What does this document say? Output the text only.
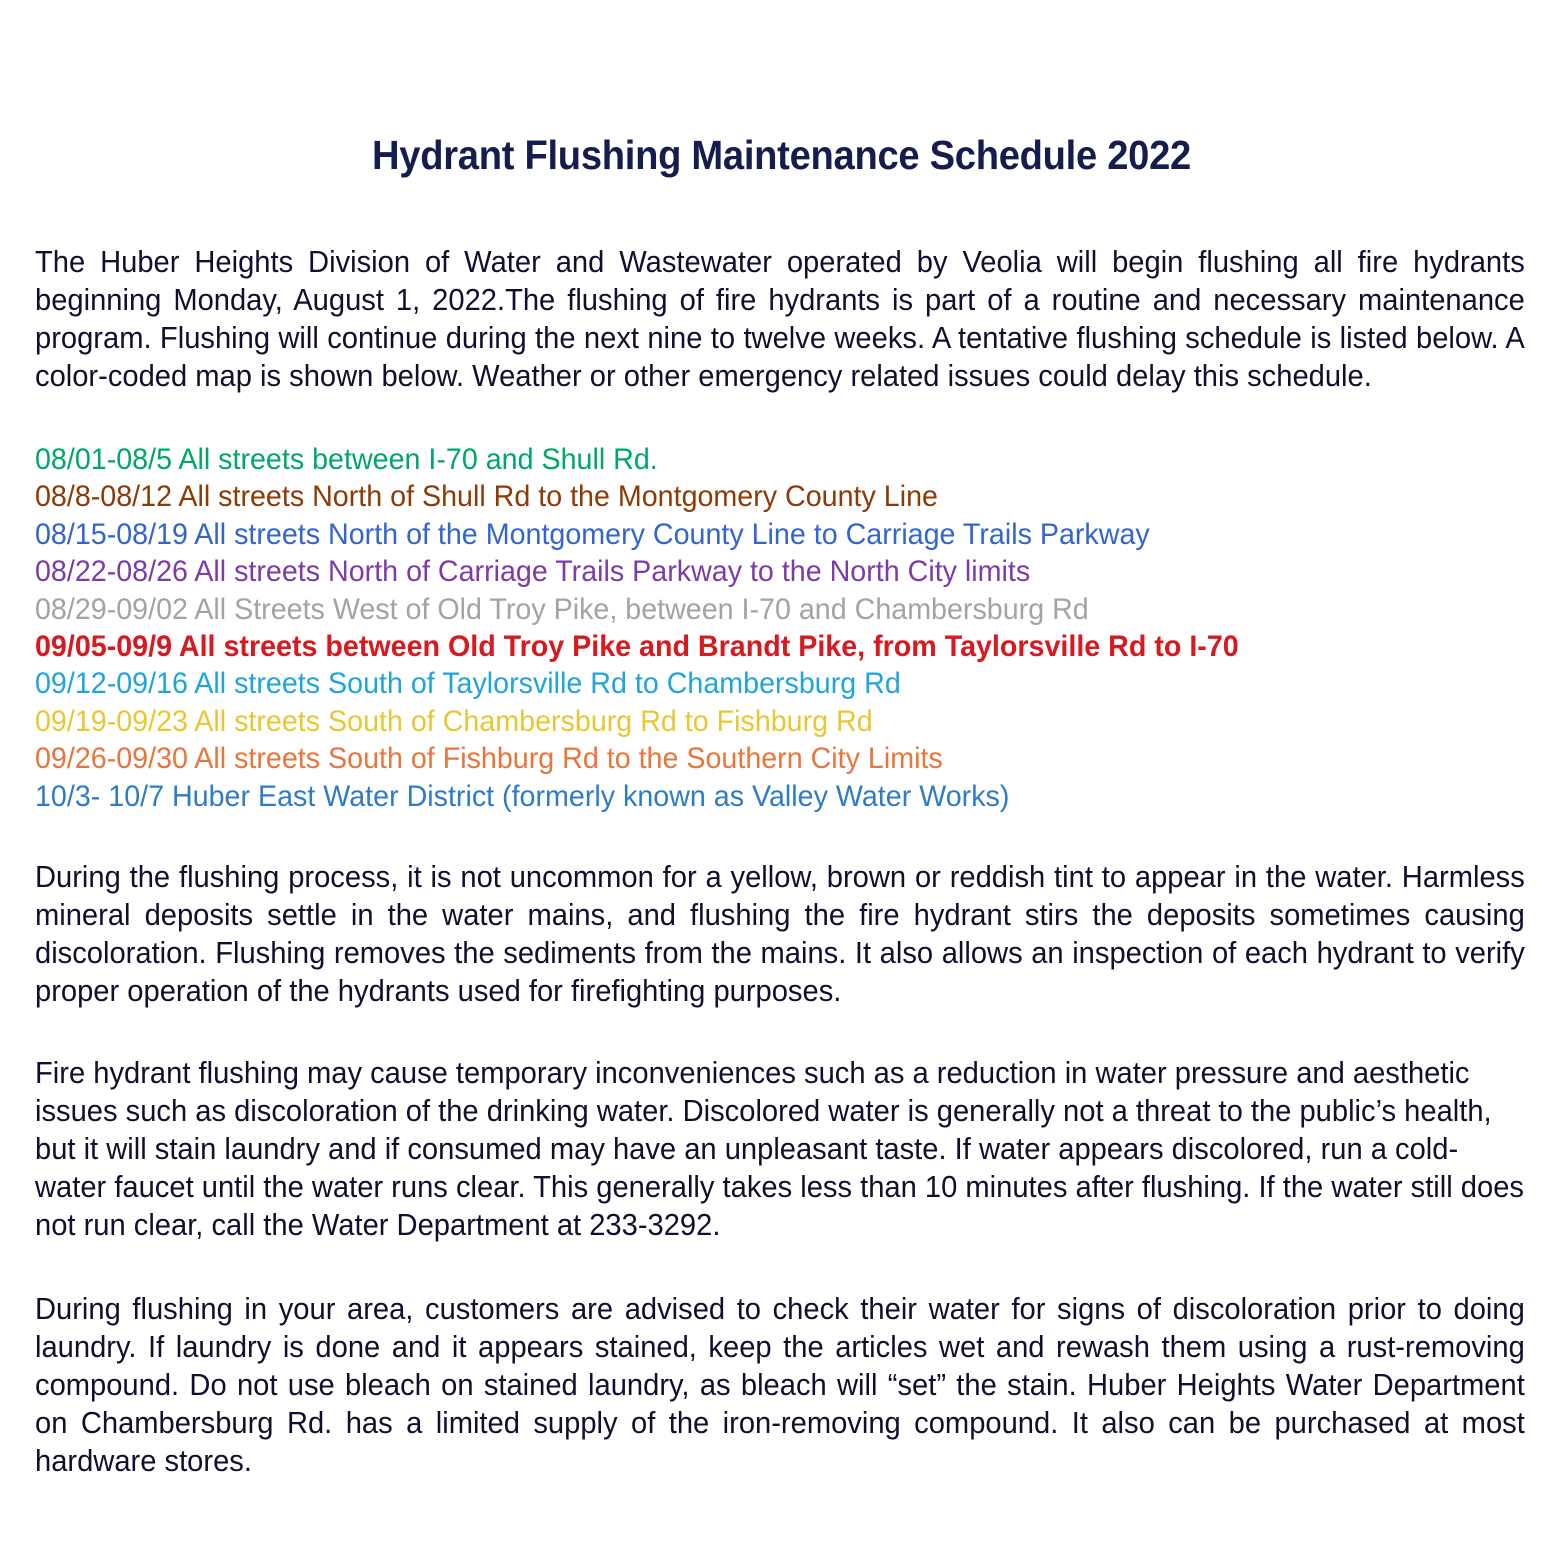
Hydrant Flushing Maintenance Schedule 2022

The Huber Heights Division of Water and Wastewater operated by Veolia will begin flushing all fire hydrants beginning Monday, August 1, 2022.The flushing of fire hydrants is part of a routine and necessary maintenance program. Flushing will continue during the next nine to twelve weeks. A tentative flushing schedule is listed below. A color-coded map is shown below. Weather or other emergency related issues could delay this schedule.

08/01-08/5 All streets between I-70 and Shull Rd.
08/8-08/12 All streets North of Shull Rd to the Montgomery County Line
08/15-08/19 All streets North of the Montgomery County Line to Carriage Trails Parkway
08/22-08/26 All streets North of Carriage Trails Parkway to the North City limits
08/29-09/02 All Streets West of Old Troy Pike, between I-70 and Chambersburg Rd
09/05-09/9 All streets between Old Troy Pike and Brandt Pike, from Taylorsville Rd to I-70
09/12-09/16 All streets South of Taylorsville Rd to Chambersburg Rd
09/19-09/23 All streets South of Chambersburg Rd to Fishburg Rd
09/26-09/30 All streets South of Fishburg Rd to the Southern City Limits
10/3- 10/7 Huber East Water District (formerly known as Valley Water Works)

During the flushing process, it is not uncommon for a yellow, brown or reddish tint to appear in the water. Harmless mineral deposits settle in the water mains, and flushing the fire hydrant stirs the deposits sometimes causing discoloration. Flushing removes the sediments from the mains. It also allows an inspection of each hydrant to verify proper operation of the hydrants used for firefighting purposes.

Fire hydrant flushing may cause temporary inconveniences such as a reduction in water pressure and aesthetic issues such as discoloration of the drinking water. Discolored water is generally not a threat to the public’s health, but it will stain laundry and if consumed may have an unpleasant taste. If water appears discolored, run a cold-water faucet until the water runs clear. This generally takes less than 10 minutes after flushing. If the water still does not run clear, call the Water Department at 233-3292.

During flushing in your area, customers are advised to check their water for signs of discoloration prior to doing laundry. If laundry is done and it appears stained, keep the articles wet and rewash them using a rust-removing compound. Do not use bleach on stained laundry, as bleach will “set” the stain. Huber Heights Water Department on Chambersburg Rd. has a limited supply of the iron-removing compound. It also can be purchased at most hardware stores.
